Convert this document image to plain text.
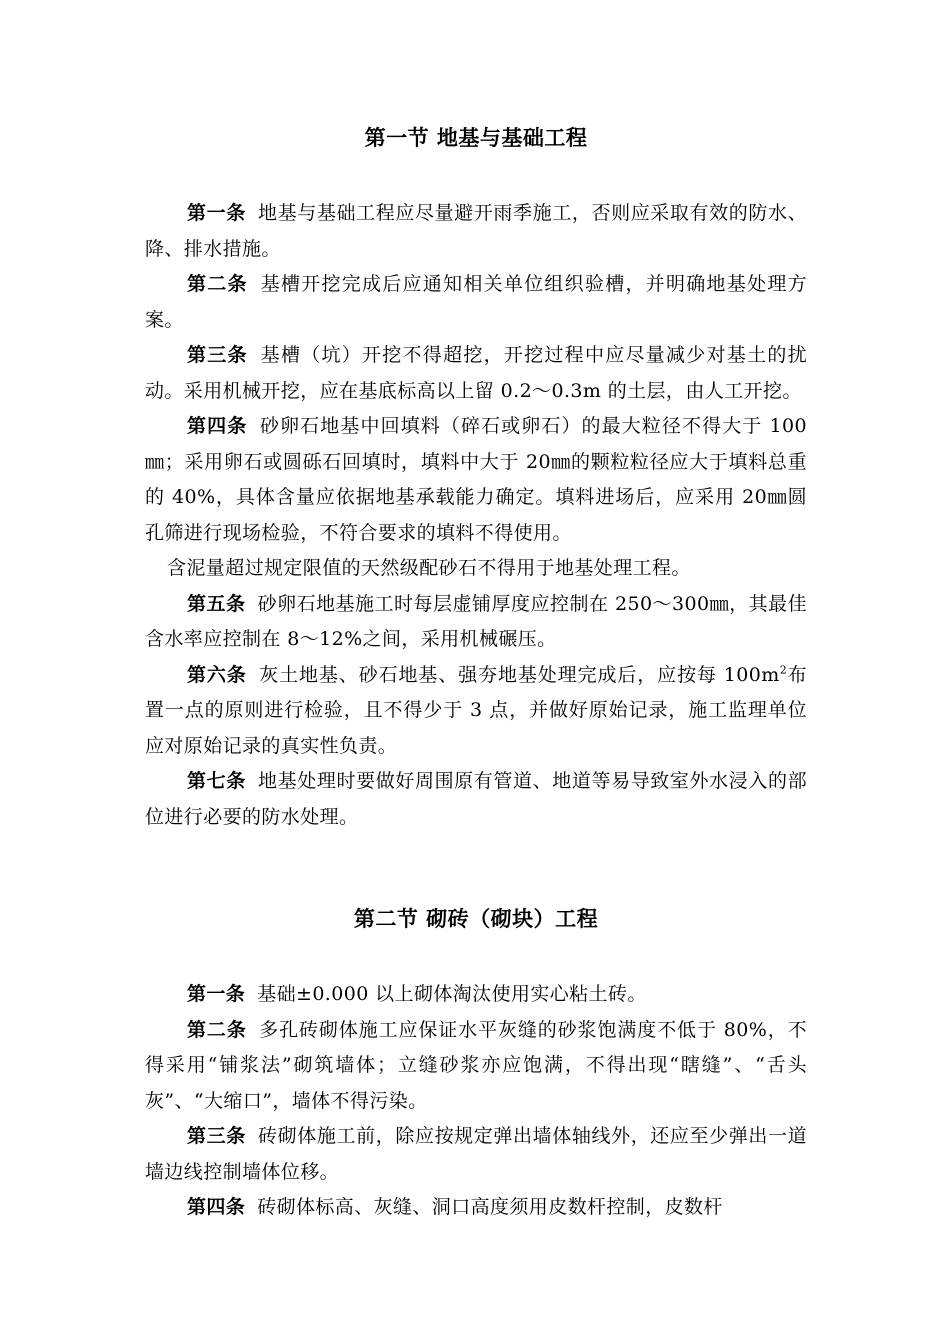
第一节 地基与基础工程

第一条 地基与基础工程应尽量避开雨季施工，否则应采取有效的防水、降、排水措施。

第二条 基槽开挖完成后应通知相关单位组织验槽，并明确地基处理方案。

第三条 基槽（坑）开挖不得超挖，开挖过程中应尽量减少对基土的扰动。采用机械开挖，应在基底标高以上留 0.2～0.3m 的土层，由人工开挖。

第四条 砂卵石地基中回填料（碎石或卵石）的最大粒径不得大于 100㎜；采用卵石或圆砾石回填时，填料中大于 20㎜的颗粒粒径应大于填料总重的 40%，具体含量应依据地基承载能力确定。填料进场后，应采用 20㎜圆孔筛进行现场检验，不符合要求的填料不得使用。

含泥量超过规定限值的天然级配砂石不得用于地基处理工程。

第五条 砂卵石地基施工时每层虚铺厚度应控制在 250～300㎜，其最佳含水率应控制在 8～12%之间，采用机械碾压。

第六条 灰土地基、砂石地基、强夯地基处理完成后，应按每 $100m^2$布置一点的原则进行检验，且不得少于 3 点，并做好原始记录，施工监理单位应对原始记录的真实性负责。

第七条 地基处理时要做好周围原有管道、地道等易导致室外水浸入的部位进行必要的防水处理。

第二节 砌砖（砌块）工程

第一条 基础±0.000 以上砌体淘汰使用实心粘土砖。

第二条 多孔砖砌体施工应保证水平灰缝的砂浆饱满度不低于 80%，不得采用“铺浆法”砌筑墙体；立缝砂浆亦应饱满，不得出现“瞎缝”、“舌头灰”、“大缩口”，墙体不得污染。

第三条 砖砌体施工前，除应按规定弹出墙体轴线外，还应至少弹出一道墙边线控制墙体位移。

第四条 砖砌体标高、灰缝、洞口高度须用皮数杆控制，皮数杆
